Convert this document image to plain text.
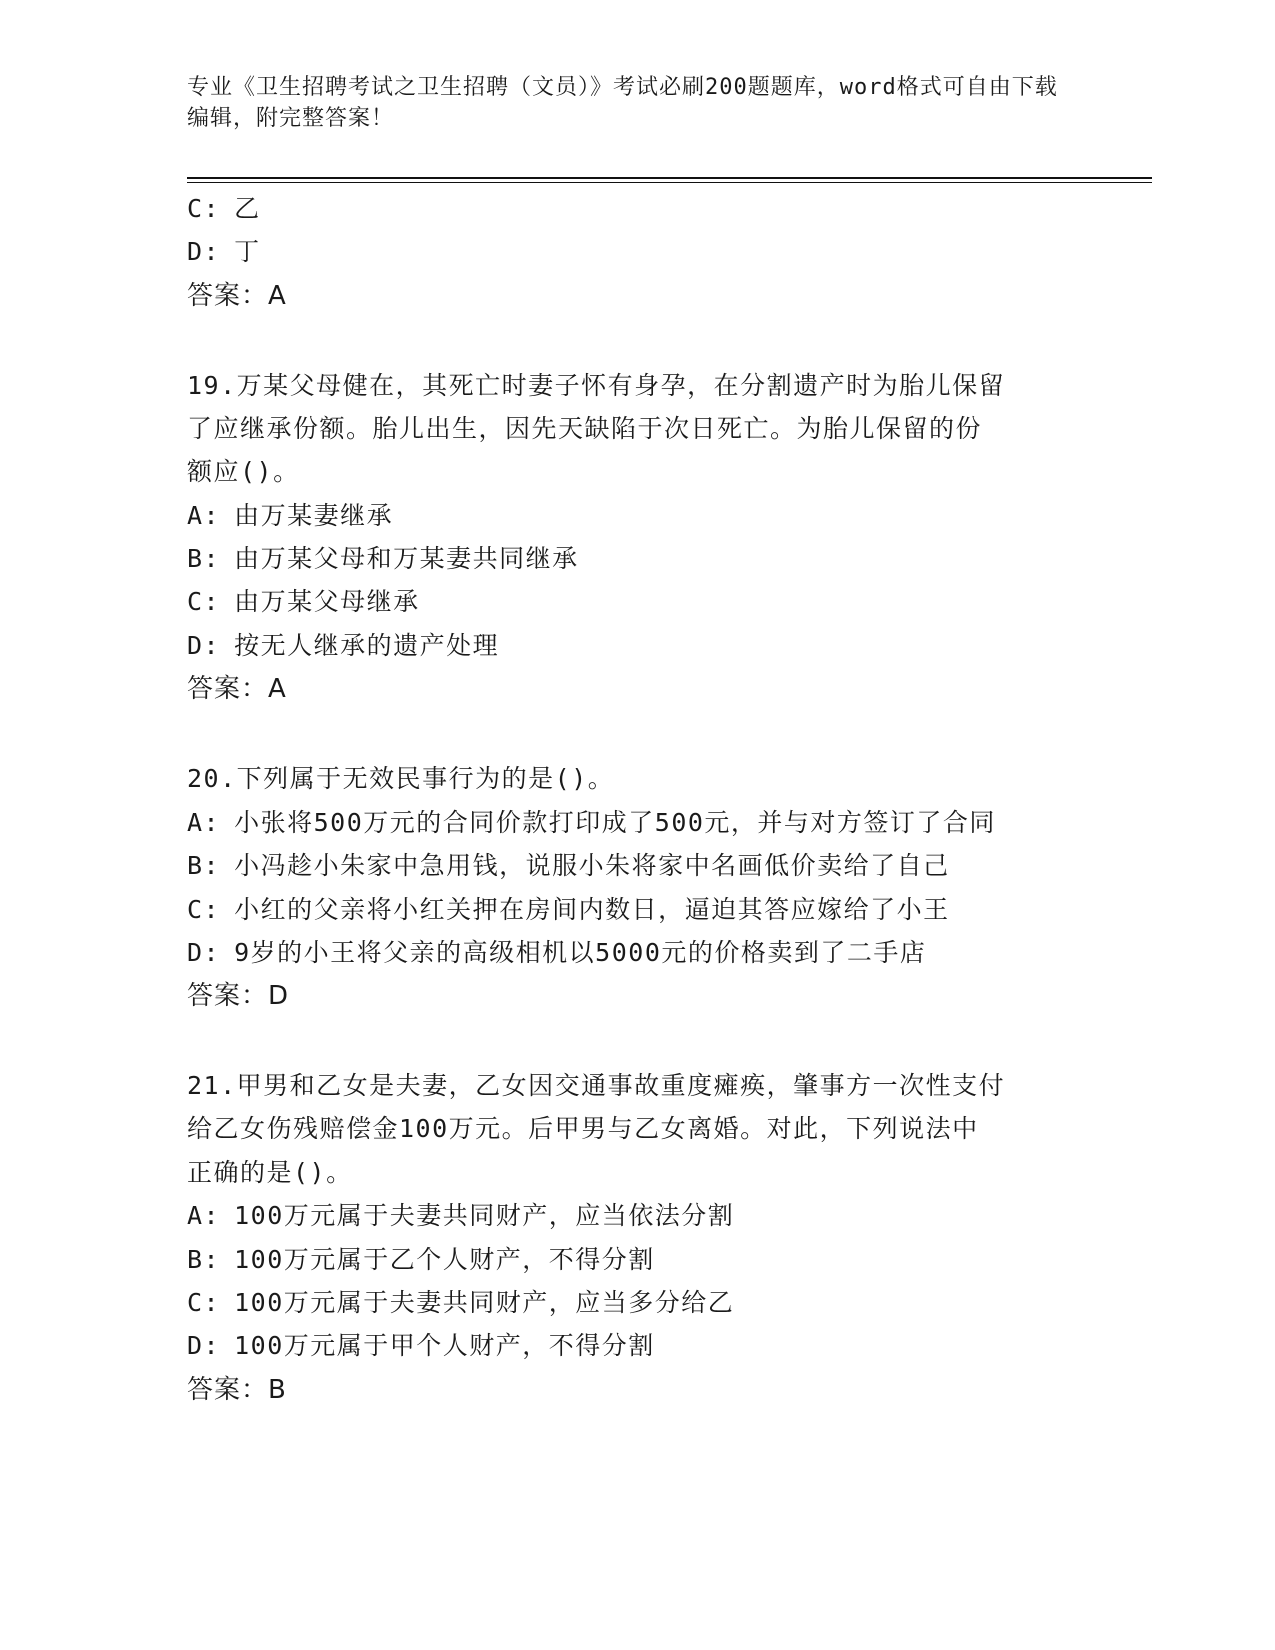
专业《卫生招聘考试之卫生招聘（文员）》考试必刷200题题库，word格式可自由下载编辑，附完整答案！
C: 乙
D: 丁
答案：A
19.万某父母健在，其死亡时妻子怀有身孕，在分割遗产时为胎儿保留
了应继承份额。胎儿出生，因先天缺陷于次日死亡。为胎儿保留的份
额应()。
A: 由万某妻继承
B: 由万某父母和万某妻共同继承
C: 由万某父母继承
D: 按无人继承的遗产处理
答案：A
20.下列属于无效民事行为的是()。
A: 小张将500万元的合同价款打印成了500元，并与对方签订了合同
B: 小冯趁小朱家中急用钱，说服小朱将家中名画低价卖给了自己
C: 小红的父亲将小红关押在房间内数日，逼迫其答应嫁给了小王
D: 9岁的小王将父亲的高级相机以5000元的价格卖到了二手店
答案：D
21.甲男和乙女是夫妻，乙女因交通事故重度瘫痪，肇事方一次性支付
给乙女伤残赔偿金100万元。后甲男与乙女离婚。对此，下列说法中
正确的是()。
A: 100万元属于夫妻共同财产，应当依法分割
B: 100万元属于乙个人财产，不得分割
C: 100万元属于夫妻共同财产，应当多分给乙
D: 100万元属于甲个人财产，不得分割
答案：B
